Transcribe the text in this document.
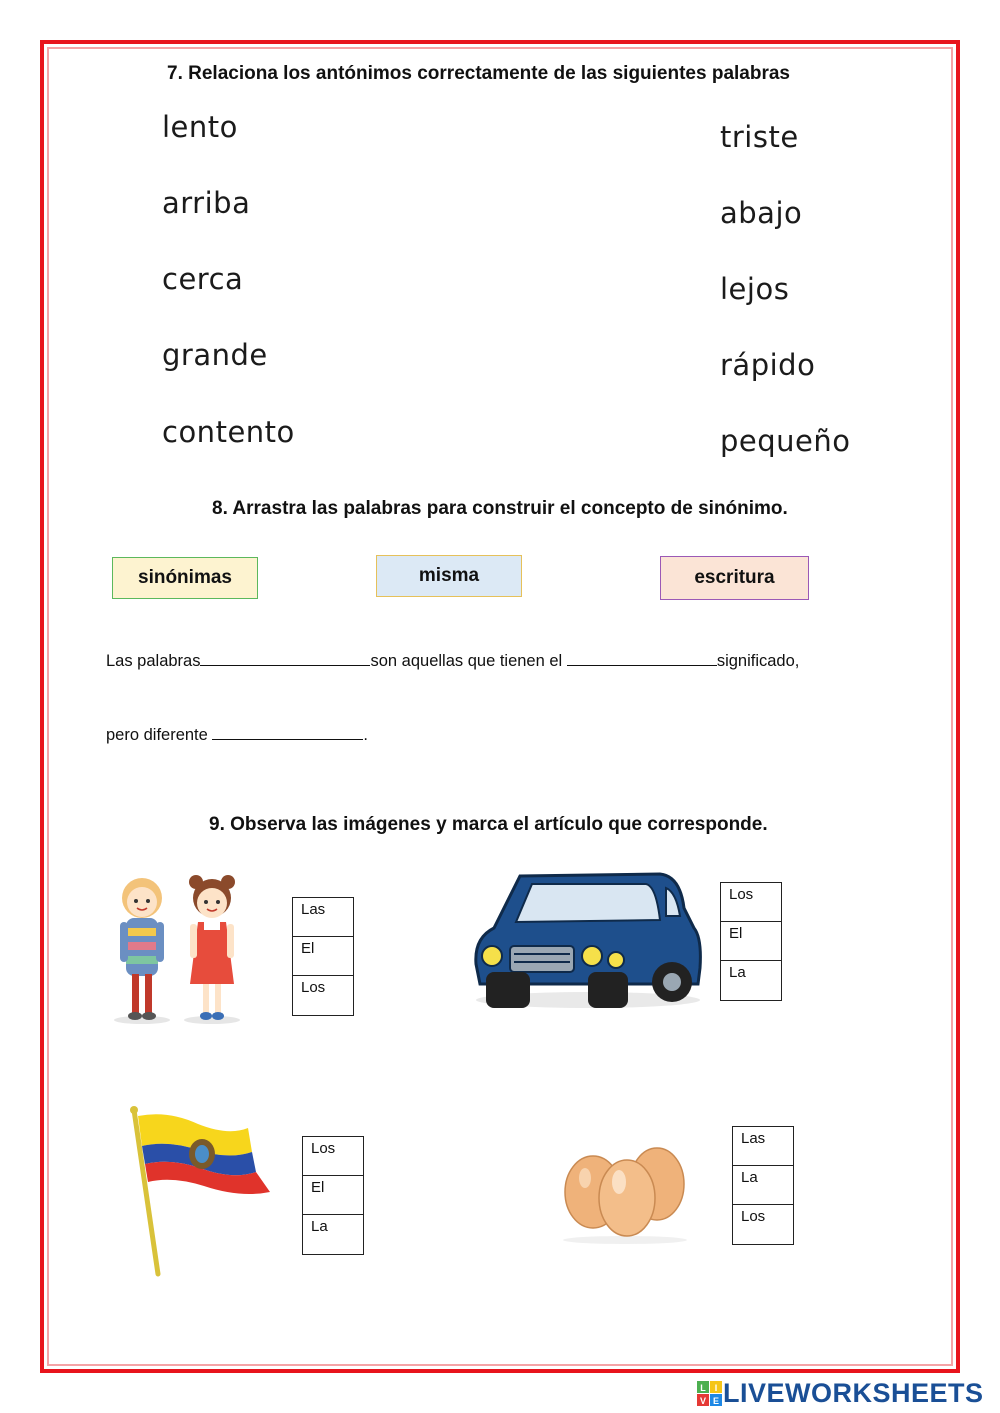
7. Relaciona los antónimos correctamente de las siguientes palabras
lento
arriba
cerca
grande
contento
triste
abajo
lejos
rápido
pequeño
8. Arrastra las palabras para construir el concepto de sinónimo.
sinónimas	misma	escritura
Las palabras	son aquellas que tienen el	significado,
pero diferente	.
9. Observa las imágenes y marca el artículo que corresponde.
Las
El
Los
Los
El
La
Los
El
La
Las
La
Los
L I
V E LIVEWORKSHEETS
